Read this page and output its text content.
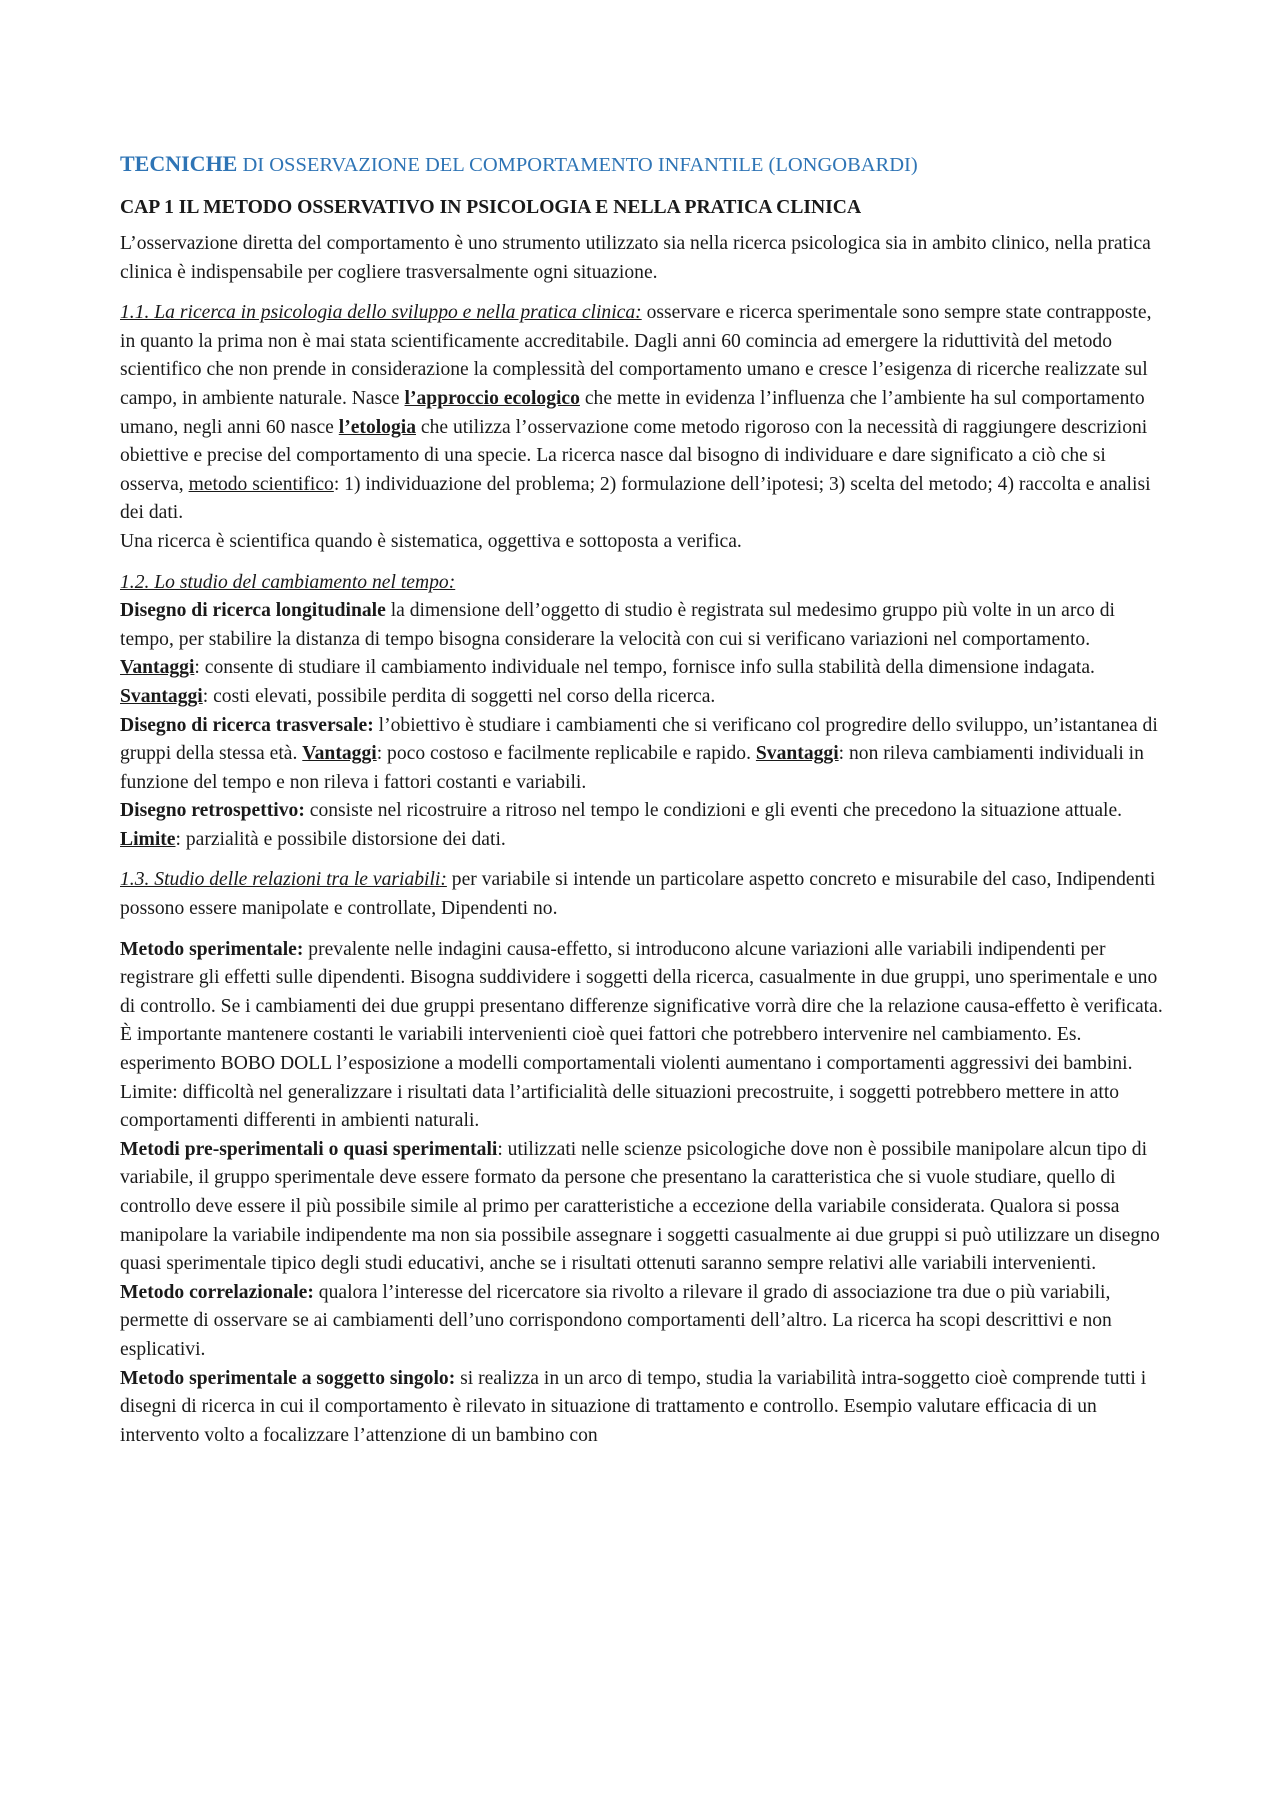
TECNICHE DI OSSERVAZIONE DEL COMPORTAMENTO INFANTILE (LONGOBARDI)
CAP 1 IL METODO OSSERVATIVO IN PSICOLOGIA E NELLA PRATICA CLINICA

L’osservazione diretta del comportamento è uno strumento utilizzato sia nella ricerca psicologica sia in ambito clinico, nella pratica clinica è indispensabile per cogliere trasversalmente ogni situazione.

1.1. La ricerca in psicologia dello sviluppo e nella pratica clinica: osservare e ricerca sperimentale sono sempre state contrapposte, in quanto la prima non è mai stata scientificamente accreditabile. Dagli anni 60 comincia ad emergere la riduttività del metodo scientifico che non prende in considerazione la complessità del comportamento umano e cresce l’esigenza di ricerche realizzate sul campo, in ambiente naturale. Nasce l’approccio ecologico che mette in evidenza l’influenza che l’ambiente ha sul comportamento umano, negli anni 60 nasce l’etologia che utilizza l’osservazione come metodo rigoroso con la necessità di raggiungere descrizioni obiettive e precise del comportamento di una specie. La ricerca nasce dal bisogno di individuare e dare significato a ciò che si osserva, metodo scientifico: 1) individuazione del problema; 2) formulazione dell’ipotesi; 3) scelta del metodo; 4) raccolta e analisi dei dati.

Una ricerca è scientifica quando è sistematica, oggettiva e sottoposta a verifica.

1.2. Lo studio del cambiamento nel tempo:

Disegno di ricerca longitudinale la dimensione dell’oggetto di studio è registrata sul medesimo gruppo più volte in un arco di tempo, per stabilire la distanza di tempo bisogna considerare la velocità con cui si verificano variazioni nel comportamento. Vantaggi: consente di studiare il cambiamento individuale nel tempo, fornisce info sulla stabilità della dimensione indagata. Svantaggi: costi elevati, possibile perdita di soggetti nel corso della ricerca.

Disegno di ricerca trasversale: l’obiettivo è studiare i cambiamenti che si verificano col progredire dello sviluppo, un’istantanea di gruppi della stessa età. Vantaggi: poco costoso e facilmente replicabile e rapido. Svantaggi: non rileva cambiamenti individuali in funzione del tempo e non rileva i fattori costanti e variabili.

Disegno retrospettivo: consiste nel ricostruire a ritroso nel tempo le condizioni e gli eventi che precedono la situazione attuale. Limite: parzialità e possibile distorsione dei dati.

1.3. Studio delle relazioni tra le variabili: per variabile si intende un particolare aspetto concreto e misurabile del caso, Indipendenti possono essere manipolate e controllate, Dipendenti no.

Metodo sperimentale: prevalente nelle indagini causa-effetto, si introducono alcune variazioni alle variabili indipendenti per registrare gli effetti sulle dipendenti. Bisogna suddividere i soggetti della ricerca, casualmente in due gruppi, uno sperimentale e uno di controllo. Se i cambiamenti dei due gruppi presentano differenze significative vorrà dire che la relazione causa-effetto è verificata. È importante mantenere costanti le variabili intervenienti cioè quei fattori che potrebbero intervenire nel cambiamento. Es. esperimento BOBO DOLL l’esposizione a modelli comportamentali violenti aumentano i comportamenti aggressivi dei bambini. Limite: difficoltà nel generalizzare i risultati data l’artificialità delle situazioni precostruite, i soggetti potrebbero mettere in atto comportamenti differenti in ambienti naturali.

Metodi pre-sperimentali o quasi sperimentali: utilizzati nelle scienze psicologiche dove non è possibile manipolare alcun tipo di variabile, il gruppo sperimentale deve essere formato da persone che presentano la caratteristica che si vuole studiare, quello di controllo deve essere il più possibile simile al primo per caratteristiche a eccezione della variabile considerata. Qualora si possa manipolare la variabile indipendente ma non sia possibile assegnare i soggetti casualmente ai due gruppi si può utilizzare un disegno quasi sperimentale tipico degli studi educativi, anche se i risultati ottenuti saranno sempre relativi alle variabili intervenienti.

Metodo correlazionale: qualora l’interesse del ricercatore sia rivolto a rilevare il grado di associazione tra due o più variabili, permette di osservare se ai cambiamenti dell’uno corrispondono comportamenti dell’altro. La ricerca ha scopi descrittivi e non esplicativi.

Metodo sperimentale a soggetto singolo: si realizza in un arco di tempo, studia la variabilità intra-soggetto cioè comprende tutti i disegni di ricerca in cui il comportamento è rilevato in situazione di trattamento e controllo. Esempio valutare efficacia di un intervento volto a focalizzare l’attenzione di un bambino con
